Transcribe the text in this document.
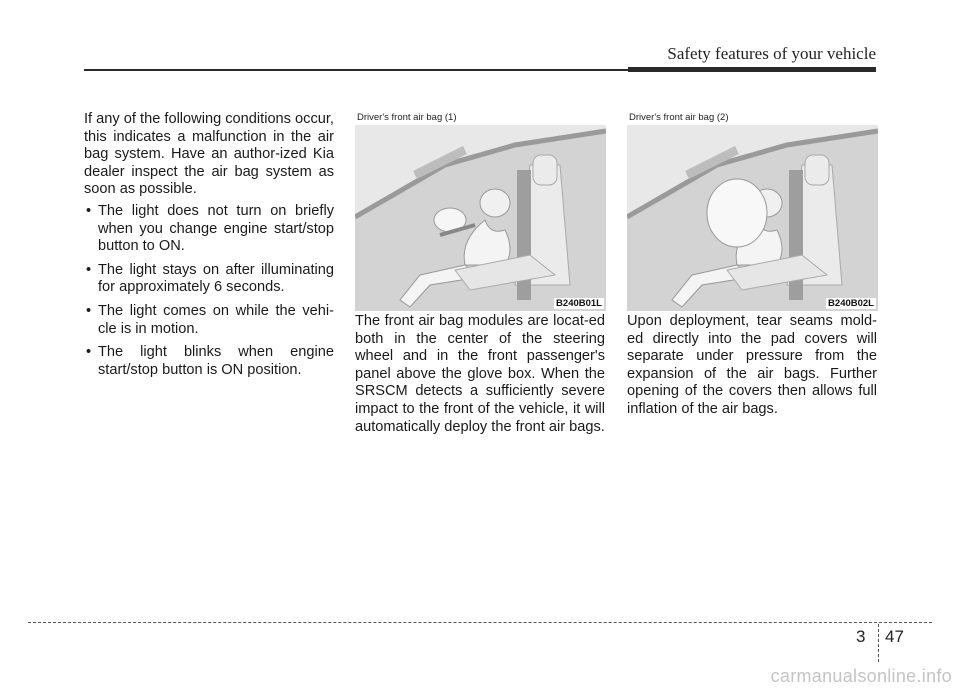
Safety features of your vehicle

If any of the following conditions occur, this indicates a malfunction in the air bag system. Have an author-ized Kia dealer inspect the air bag system as soon as possible.

• The light does not turn on briefly when you change engine start/stop button to ON.
• The light stays on after illuminating for approximately 6 seconds.
• The light comes on while the vehi-cle is in motion.
• The light blinks when engine start/stop button is ON position.
Driver's front air bag (1)
B240B01L
Driver's front air bag (2)
B240B02L

The front air bag modules are locat-ed both in the center of the steering wheel and in the front passenger's panel above the glove box. When the SRSCM detects a sufficiently severe impact to the front of the vehicle, it will automatically deploy the front air bags.

Upon deployment, tear seams mold-ed directly into the pad covers will separate under pressure from the expansion of the air bags. Further opening of the covers then allows full inflation of the air bags.

3 47
carmanualsonline.info
